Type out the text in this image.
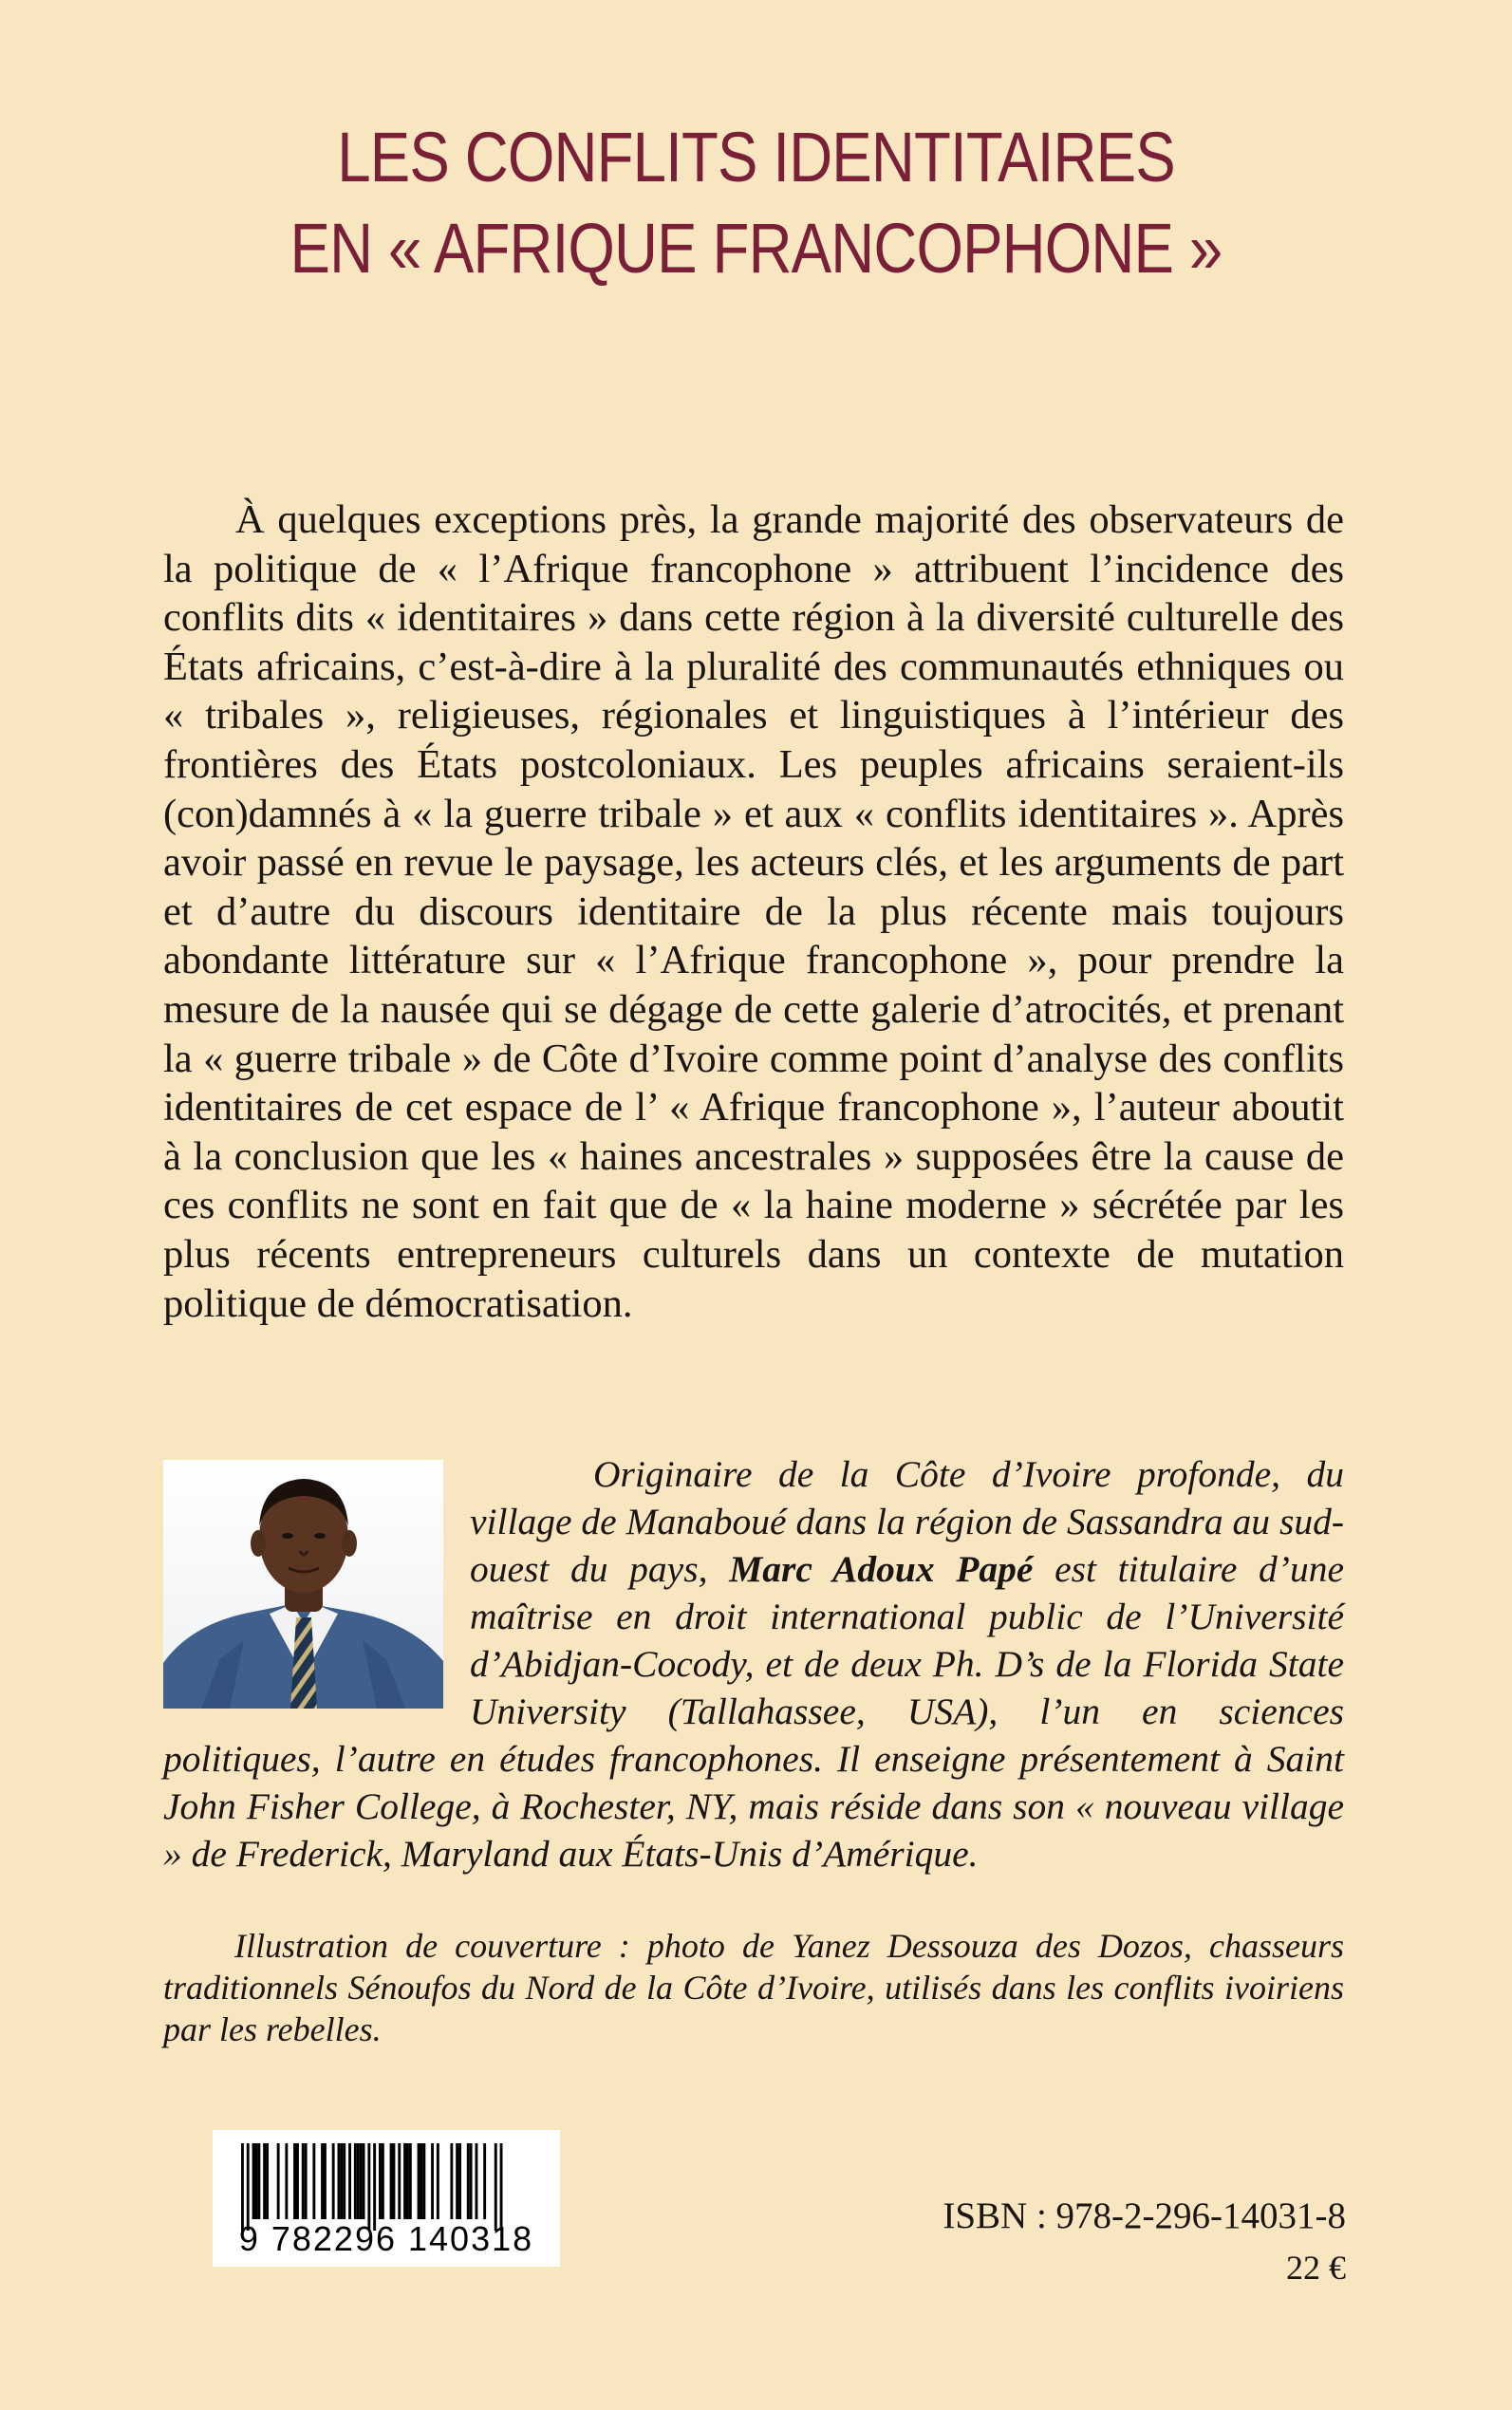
LES CONFLITS IDENTITAIRES
EN « AFRIQUE FRANCOPHONE »

À quelques exceptions près, la grande majorité des observateurs de la politique de « l’Afrique francophone » attribuent l’incidence des conflits dits « identitaires » dans cette région à la diversité culturelle des États africains, c’est-à-dire à la pluralité des communautés ethniques ou « tribales », religieuses, régionales et linguistiques à l’intérieur des frontières des États postcoloniaux. Les peuples africains seraient-ils (con)damnés à « la guerre tribale » et aux « conflits identitaires ». Après avoir passé en revue le paysage, les acteurs clés, et les arguments de part et d’autre du discours identitaire de la plus récente mais toujours abondante littérature sur « l’Afrique francophone », pour prendre la mesure de la nausée qui se dégage de cette galerie d’atrocités, et prenant la « guerre tribale » de Côte d’Ivoire comme point d’analyse des conflits identitaires de cet espace de l’ « Afrique francophone », l’auteur aboutit à la conclusion que les « haines ancestrales » supposées être la cause de ces conflits ne sont en fait que de « la haine moderne » sécrétée par les plus récents entrepreneurs culturels dans un contexte de mutation politique de démocratisation.

Originaire de la Côte d’Ivoire profonde, du village de Manaboué dans la région de Sassandra au sud-ouest du pays, Marc Adoux Papé est titulaire d’une maîtrise en droit international public de l’Université d’Abidjan-Cocody, et de deux Ph. D’s de la Florida State University (Tallahassee, USA), l’un en sciences politiques, l’autre en études francophones. Il enseigne présentement à Saint John Fisher College, à Rochester, NY, mais réside dans son « nouveau village » de Frederick, Maryland aux États-Unis d’Amérique.

Illustration de couverture : photo de Yanez Dessouza des Dozos, chasseurs traditionnels Sénoufos du Nord de la Côte d’Ivoire, utilisés dans les conflits ivoiriens par les rebelles.

9 782296 140318
ISBN : 978-2-296-14031-8
22 €
